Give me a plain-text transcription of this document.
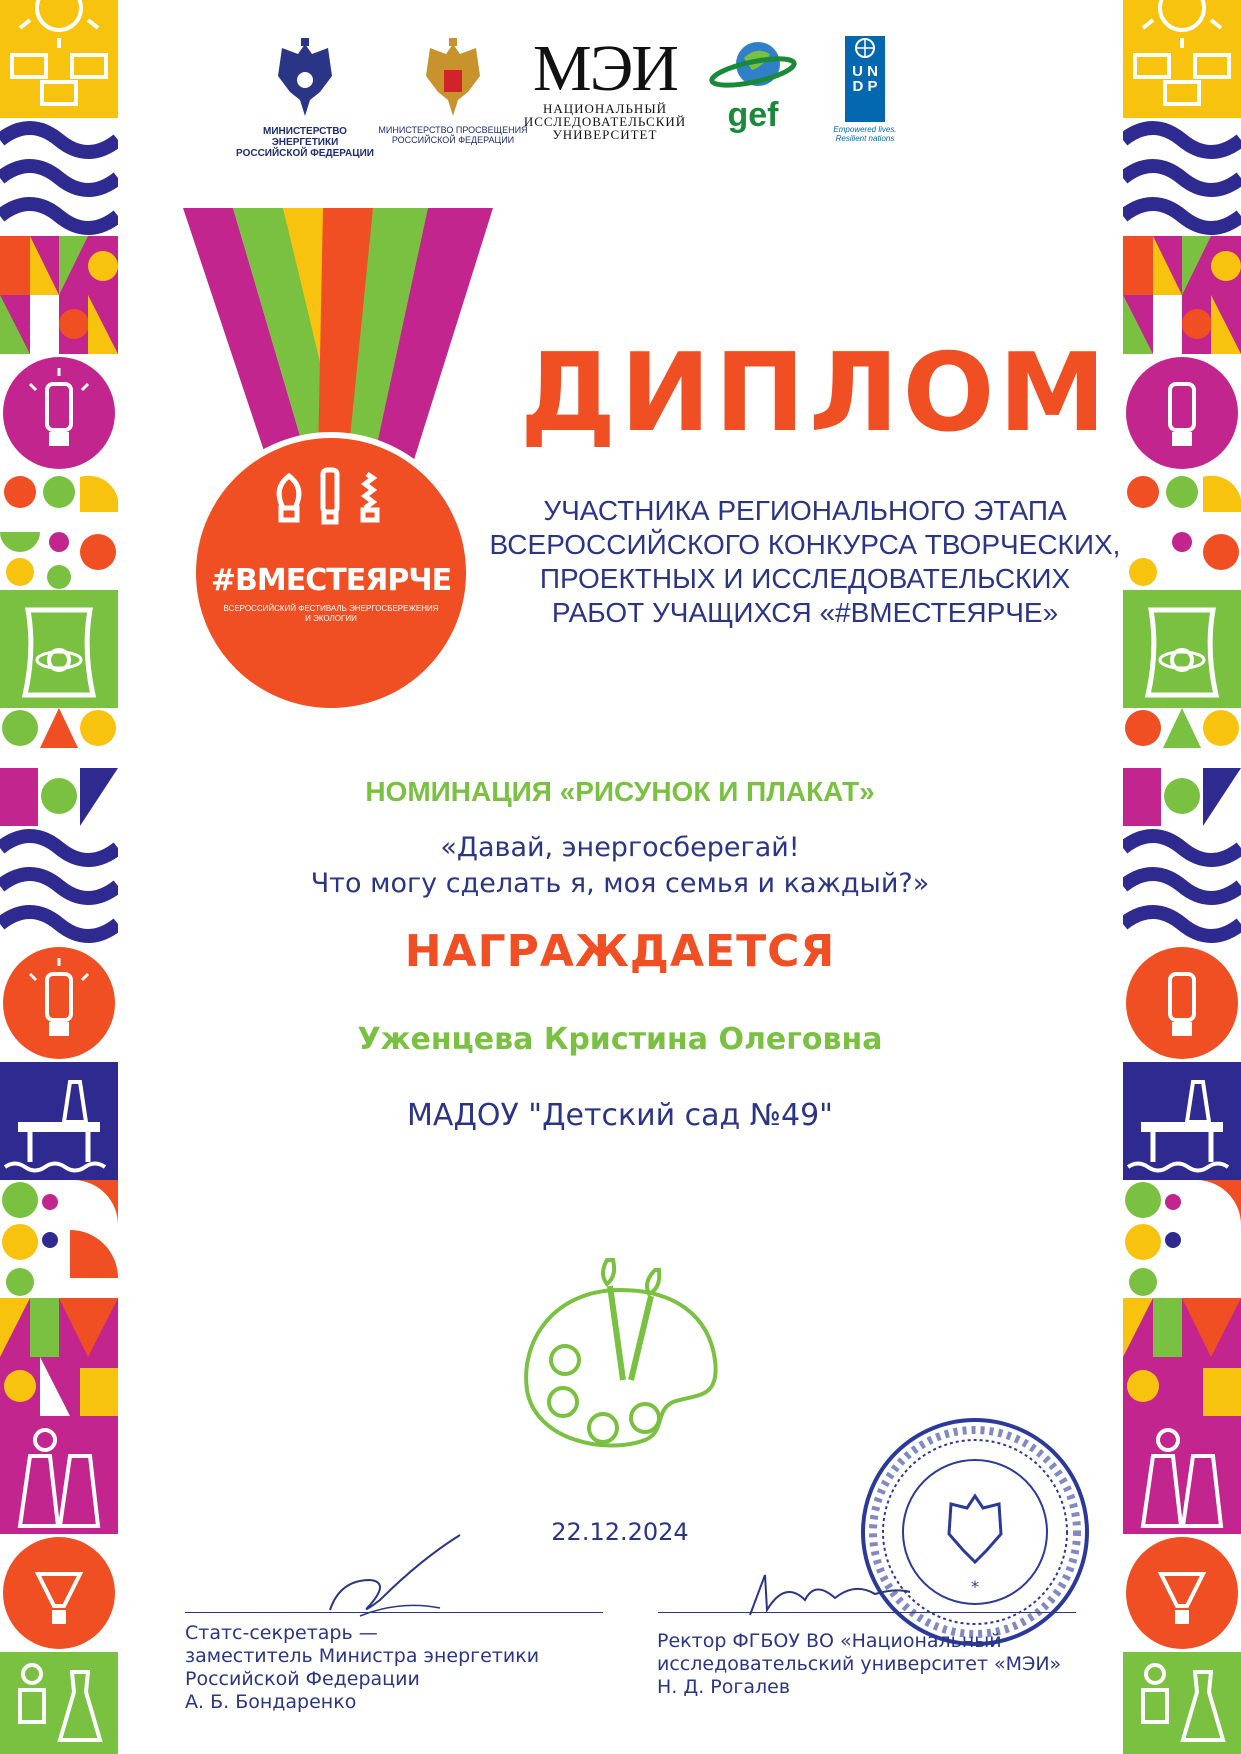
МИНИСТЕРСТВО ЭНЕРГЕТИКИ
РОССИЙСКОЙ ФЕДЕРАЦИИ
МИНИСТЕРСТВО ПРОСВЕЩЕНИЯ
РОССИЙСКОЙ ФЕДЕРАЦИИ
МЭИ
НАЦИОНАЛЬНЫЙ
ИССЛЕДОВАТЕЛЬСКИЙ
УНИВЕРСИТЕТ
gef
U N D P
Empowered lives.
Resilient nations
#ВМЕСТЕЯРЧЕ
ВСЕРОССИЙСКИЙ ФЕСТИВАЛЬ ЭНЕРГОСБЕРЕЖЕНИЯ
И ЭКОЛОГИИ
ДИПЛОМ

УЧАСТНИКА РЕГИОНАЛЬНОГО ЭТАПА
ВСЕРОССИЙСКОГО КОНКУРСА ТВОРЧЕСКИХ,
ПРОЕКТНЫХ И ИССЛЕДОВАТЕЛЬСКИХ
РАБОТ УЧАЩИХСЯ «#ВМЕСТЕЯРЧЕ»

НОМИНАЦИЯ «РИСУНОК И ПЛАКАТ»
«Давай, энергосберегай!
Что могу сделать я, моя семья и каждый?»
НАГРАЖДАЕТСЯ
Уженцева Кристина Олеговна
МАДОУ "Детский сад №49"
22.12.2024
Статс-секретарь —
заместитель Министра энергетики
Российской Федерации
А. Б. Бондаренко
*
Ректор ФГБОУ ВО «Национальный
исследовательский университет «МЭИ»
Н. Д. Рогалев
